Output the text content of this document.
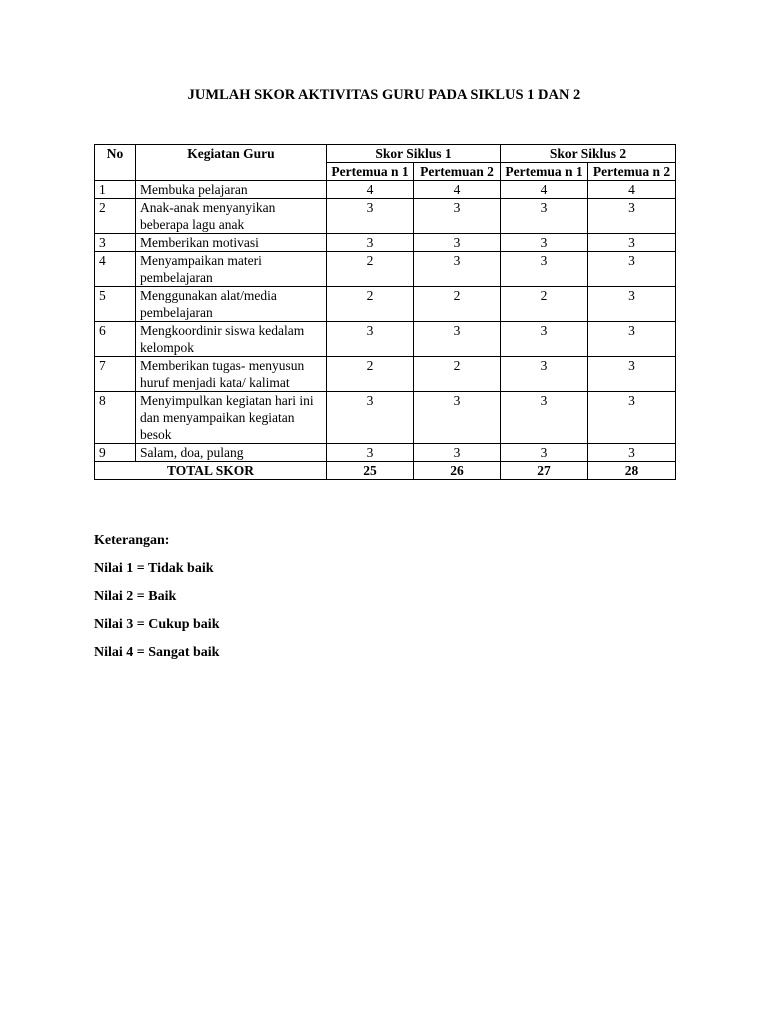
JUMLAH SKOR AKTIVITAS GURU PADA SIKLUS 1 DAN 2
No	Kegiatan Guru	Skor Siklus 1		Skor Siklus 2	
		Pertemua n 1	Pertemuan 2	Pertemua n 1	Pertemua n 2
1	Membuka pelajaran	4	4	4	4
2	Anak-anak menyanyikan beberapa lagu anak	3	3	3	3
3	Memberikan motivasi	3	3	3	3
4	Menyampaikan materi pembelajaran	2	3	3	3
5	Menggunakan alat/media pembelajaran	2	2	2	3
6	Mengkoordinir siswa kedalam kelompok	3	3	3	3
7	Memberikan tugas- menyusun huruf menjadi kata/ kalimat	2	2	3	3
8	Menyimpulkan kegiatan hari ini dan menyampaikan kegiatan besok	3	3	3	3
9	Salam, doa, pulang	3	3	3	3
TOTAL SKOR		25	26	27	28
Keterangan:
Nilai 1 = Tidak baik
Nilai 2 = Baik
Nilai 3 = Cukup baik
Nilai 4 = Sangat baik
